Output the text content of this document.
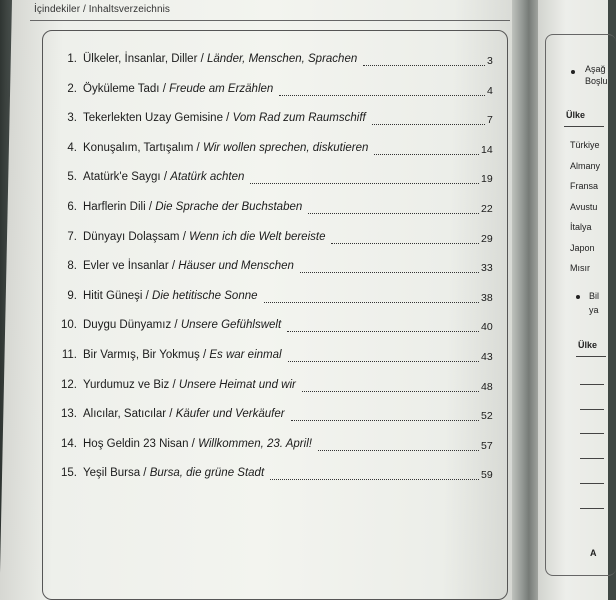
İçindekiler / Inhaltsverzeichnis
1. Ülkeler, İnsanlar, Diller / Länder, Menschen, Sprachen	3
2. Öyküleme Tadı / Freude am Erzählen	4
3. Tekerlekten Uzay Gemisine / Vom Rad zum Raumschiff	7
4. Konuşalım, Tartışalım / Wir wollen sprechen, diskutieren	14
5. Atatürk'e Saygı / Atatürk achten	19
6. Harflerin Dili / Die Sprache der Buchstaben	22
7. Dünyayı Dolaşsam / Wenn ich die Welt bereiste	29
8. Evler ve İnsanlar / Häuser und Menschen	33
9. Hitit Güneşi / Die hetitische Sonne	38
10. Duygu Dünyamız / Unsere Gefühlswelt	40
11. Bir Varmış, Bir Yokmuş / Es war einmal	43
12. Yurdumuz ve Biz / Unsere Heimat und wir	48
13. Alıcılar, Satıcılar / Käufer und Verkäufer	52
14. Hoş Geldin 23 Nisan / Willkommen, 23. April!	57
15. Yeşil Bursa / Bursa, die grüne Stadt	59
Aşağ
Boşlu
Ülke
Türkiye
Almany
Fransa
Avustu
İtalya
Japon
Mısır
Bil
ya
Ülke
A
